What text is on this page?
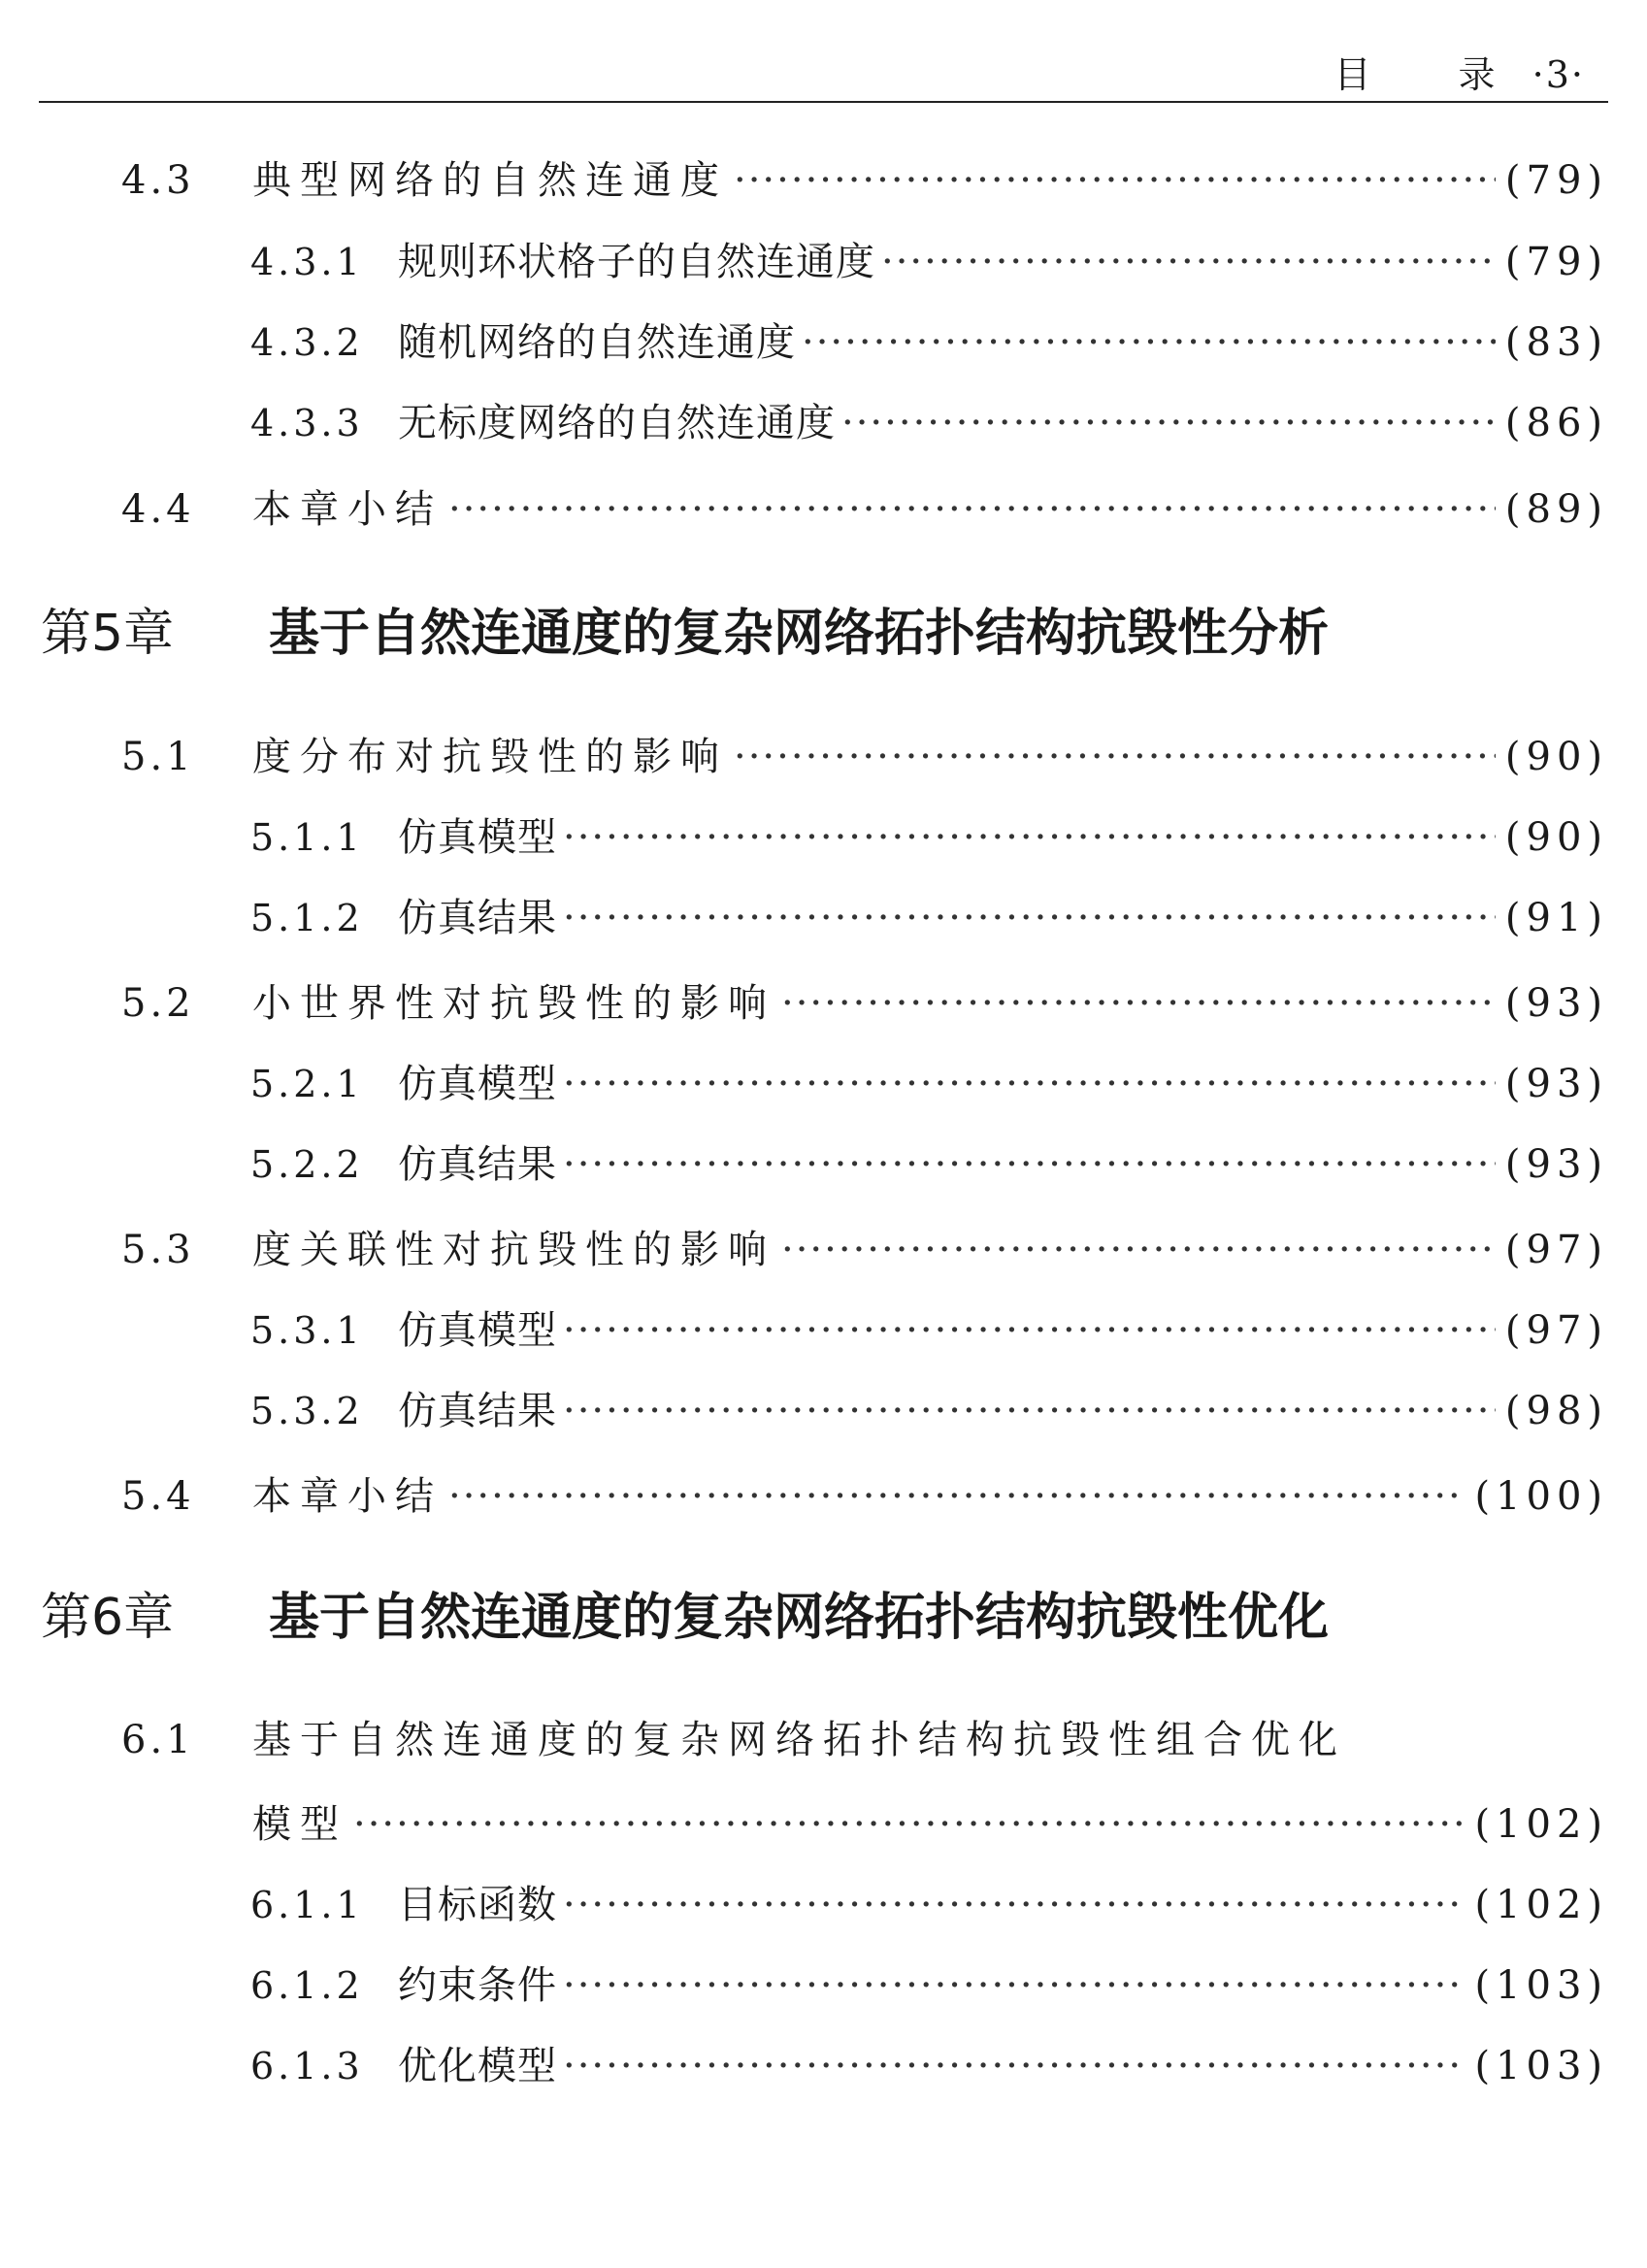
目 录 ·3·
4.3	典型网络的自然连通度 ·····	(79)
4.3.1 规则环状格子的自然连通度 ·····	(79)
4.3.2 随机网络的自然连通度 ·····	(83)
4.3.3 无标度网络的自然连通度 ·····	(86)
4.4	本章小结 ·····	(89)
第5章	基于自然连通度的复杂网络拓扑结构抗毁性分析
5.1	度分布对抗毁性的影响 ·····	(90)
5.1.1 仿真模型 ·····	(90)
5.1.2 仿真结果 ·····	(91)
5.2	小世界性对抗毁性的影响 ·····	(93)
5.2.1 仿真模型 ·····	(93)
5.2.2 仿真结果 ·····	(93)
5.3	度关联性对抗毁性的影响 ·····	(97)
5.3.1 仿真模型 ·····	(97)
5.3.2 仿真结果 ·····	(98)
5.4	本章小结 ·····	(100)
第6章	基于自然连通度的复杂网络拓扑结构抗毁性优化
6.1	基于自然连通度的复杂网络拓扑结构抗毁性组合优化
模型 ·····	(102)
6.1.1 目标函数 ·····	(102)
6.1.2 约束条件 ·····	(103)
6.1.3 优化模型 ·····	(103)
